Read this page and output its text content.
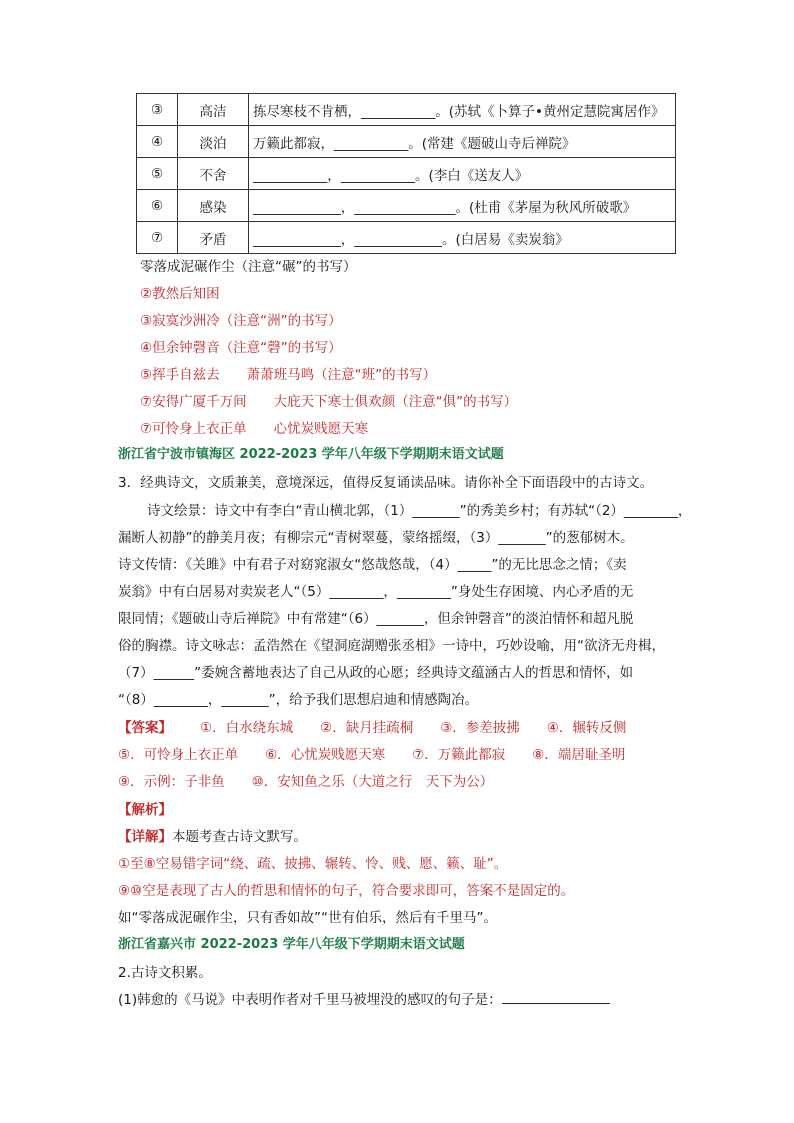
③	高洁	拣尽寒枝不肯栖，___________。(苏轼《卜算子•黄州定慧院寓居作》
④	淡泊	万籁此都寂，___________。(常建《题破山寺后禅院》
⑤	不舍	___________，___________。(李白《送友人》
⑥	感染	_____________，_______________。(杜甫《茅屋为秋风所破歌》
⑦	矛盾	_____________，_____________。(白居易《卖炭翁》
零落成泥碾作尘（注意“碾”的书写）
②教然后知困
③寂寞沙洲冷（注意“洲”的书写）
④但余钟磬音（注意“磬”的书写）
⑤挥手自兹去　　萧萧班马鸣（注意“班”的书写）
⑦安得广厦千万间　　大庇天下寒士俱欢颜（注意“俱”的书写）
⑦可怜身上衣正单　　心忧炭贱愿天寒
浙江省宁波市镇海区 2022-2023 学年八年级下学期期末语文试题
3．经典诗文，文质兼美，意境深远，值得反复诵读品味。请你补全下面语段中的古诗文。
诗文绘景：诗文中有李白“青山横北郭，（1）_______”的秀美乡村；有苏轼“（2）________，
漏断人初静”的静美月夜；有柳宗元“青树翠蔓，蒙络摇缀，（3）_______”的葱郁树木。
诗文传情：《关雎》中有君子对窈窕淑女“悠哉悠哉，（4）_____”的无比思念之情；《卖
炭翁》中有白居易对卖炭老人“（5）________，________”身处生存困境、内心矛盾的无
限同情；《题破山寺后禅院》中有常建“（6）_______，但余钟磬音”的淡泊情怀和超凡脱
俗的胸襟。诗文咏志：孟浩然在《望洞庭湖赠张丞相》一诗中，巧妙设喻，用“欲济无舟楫，
（7）______”委婉含蓄地表达了自己从政的心愿；经典诗文蕴涵古人的哲思和情怀，如
“（8）________，_______”，给予我们思想启迪和情感陶冶。
【答案】 ①．白水绕东城　　②．缺月挂疏桐　　③．参差披拂　　④．辗转反侧
⑤．可怜身上衣正单　　⑥．心忧炭贱愿天寒　　⑦．万籁此都寂　　⑧．端居耻圣明
⑨．示例：子非鱼　　⑩．安知鱼之乐（大道之行　天下为公）
【解析】
【详解】本题考查古诗文默写。
①至⑧空易错字词“绕、疏、披拂、辗转、怜、贱、愿、籁、耻”。
⑨⑩空是表现了古人的哲思和情怀的句子，符合要求即可，答案不是固定的。
如“零落成泥碾作尘，只有香如故”“世有伯乐，然后有千里马”。
浙江省嘉兴市 2022-2023 学年八年级下学期期末语文试题
2.古诗文积累。
(1)韩愈的《马说》中表明作者对千里马被埋没的感叹的句子是：
